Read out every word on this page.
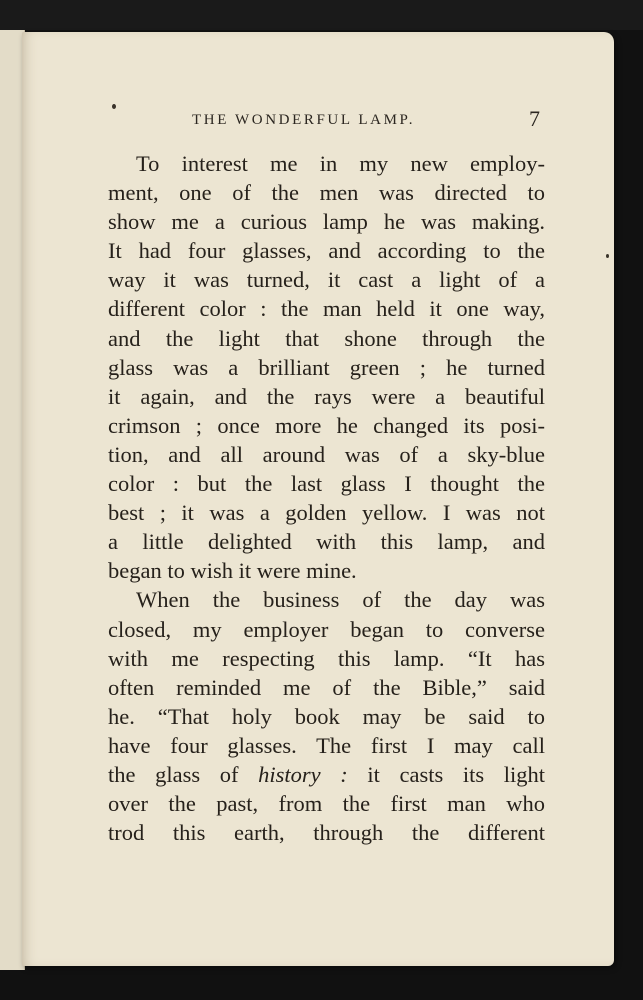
THE WONDERFUL LAMP.	7
To interest me in my new employ-
ment, one of the men was directed to
show me a curious lamp he was making.
It had four glasses, and according to the
way it was turned, it cast a light of a
different color : the man held it one way,
and the light that shone through the
glass was a brilliant green ; he turned
it again, and the rays were a beautiful
crimson ; once more he changed its posi-
tion, and all around was of a sky-blue
color : but the last glass I thought the
best ; it was a golden yellow. I was not
a little delighted with this lamp, and
began to wish it were mine.
When the business of the day was
closed, my employer began to converse
with me respecting this lamp. “It has
often reminded me of the Bible,” said
he. “That holy book may be said to
have four glasses. The first I may call
the glass of history : it casts its light
over the past, from the first man who
trod this earth, through the different
